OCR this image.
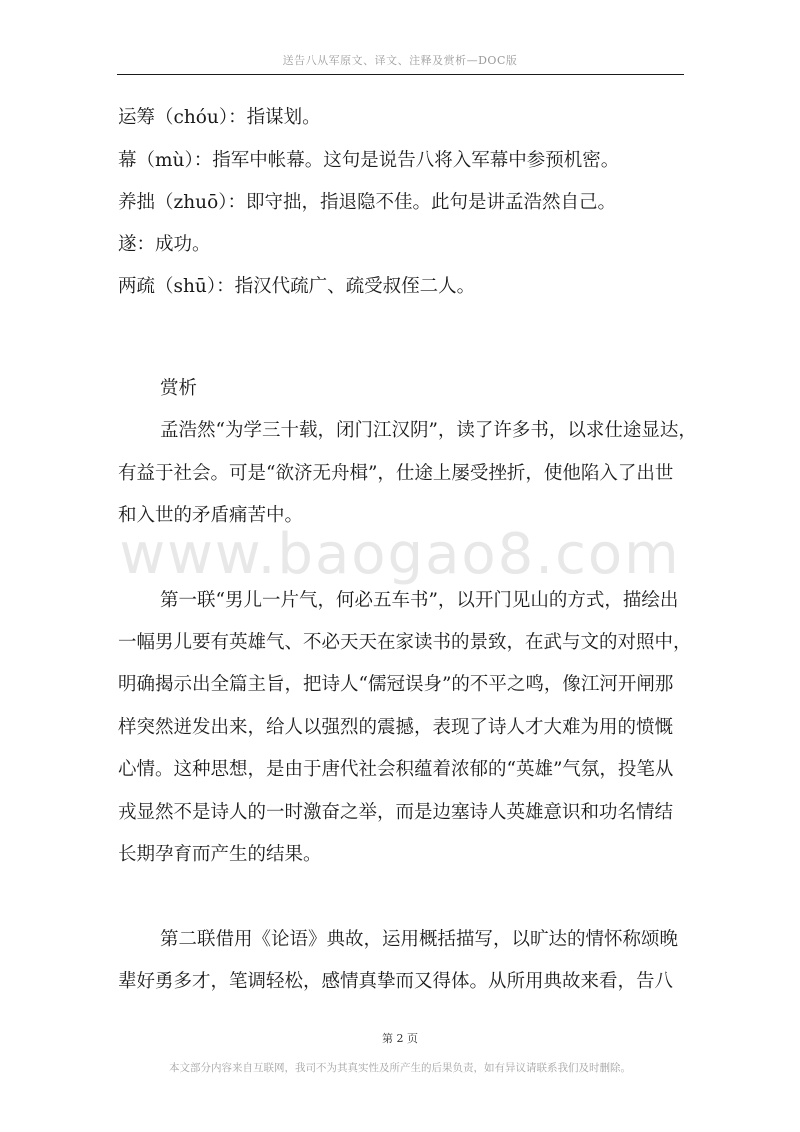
送告八从军原文、译文、注释及赏析—DOC版
www.baogao8.com
运筹（chóu）：指谋划。
幕（mù）：指军中帐幕。这句是说告八将入军幕中参预机密。
养拙（zhuō）：即守拙，指退隐不佳。此句是讲孟浩然自己。
遂：成功。
两疏（shū）：指汉代疏广、疏受叔侄二人。
赏析
孟浩然“为学三十载，闭门江汉阴”，读了许多书，以求仕途显达，
有益于社会。可是“欲济无舟楫”，仕途上屡受挫折，使他陷入了出世
和入世的矛盾痛苦中。
第一联“男儿一片气，何必五车书”，以开门见山的方式，描绘出
一幅男儿要有英雄气、不必天天在家读书的景致，在武与文的对照中，
明确揭示出全篇主旨，把诗人“儒冠误身”的不平之鸣，像江河开闸那
样突然迸发出来，给人以强烈的震撼，表现了诗人才大难为用的愤慨
心情。这种思想，是由于唐代社会积蕴着浓郁的“英雄”气氛，投笔从
戎显然不是诗人的一时激奋之举，而是边塞诗人英雄意识和功名情结
长期孕育而产生的结果。
第二联借用《论语》典故，运用概括描写，以旷达的情怀称颂晚
辈好勇多才，笔调轻松，感情真挚而又得体。从所用典故来看，告八
第 2 页
本文部分内容来自互联网，我司不为其真实性及所产生的后果负责，如有异议请联系我们及时删除。
